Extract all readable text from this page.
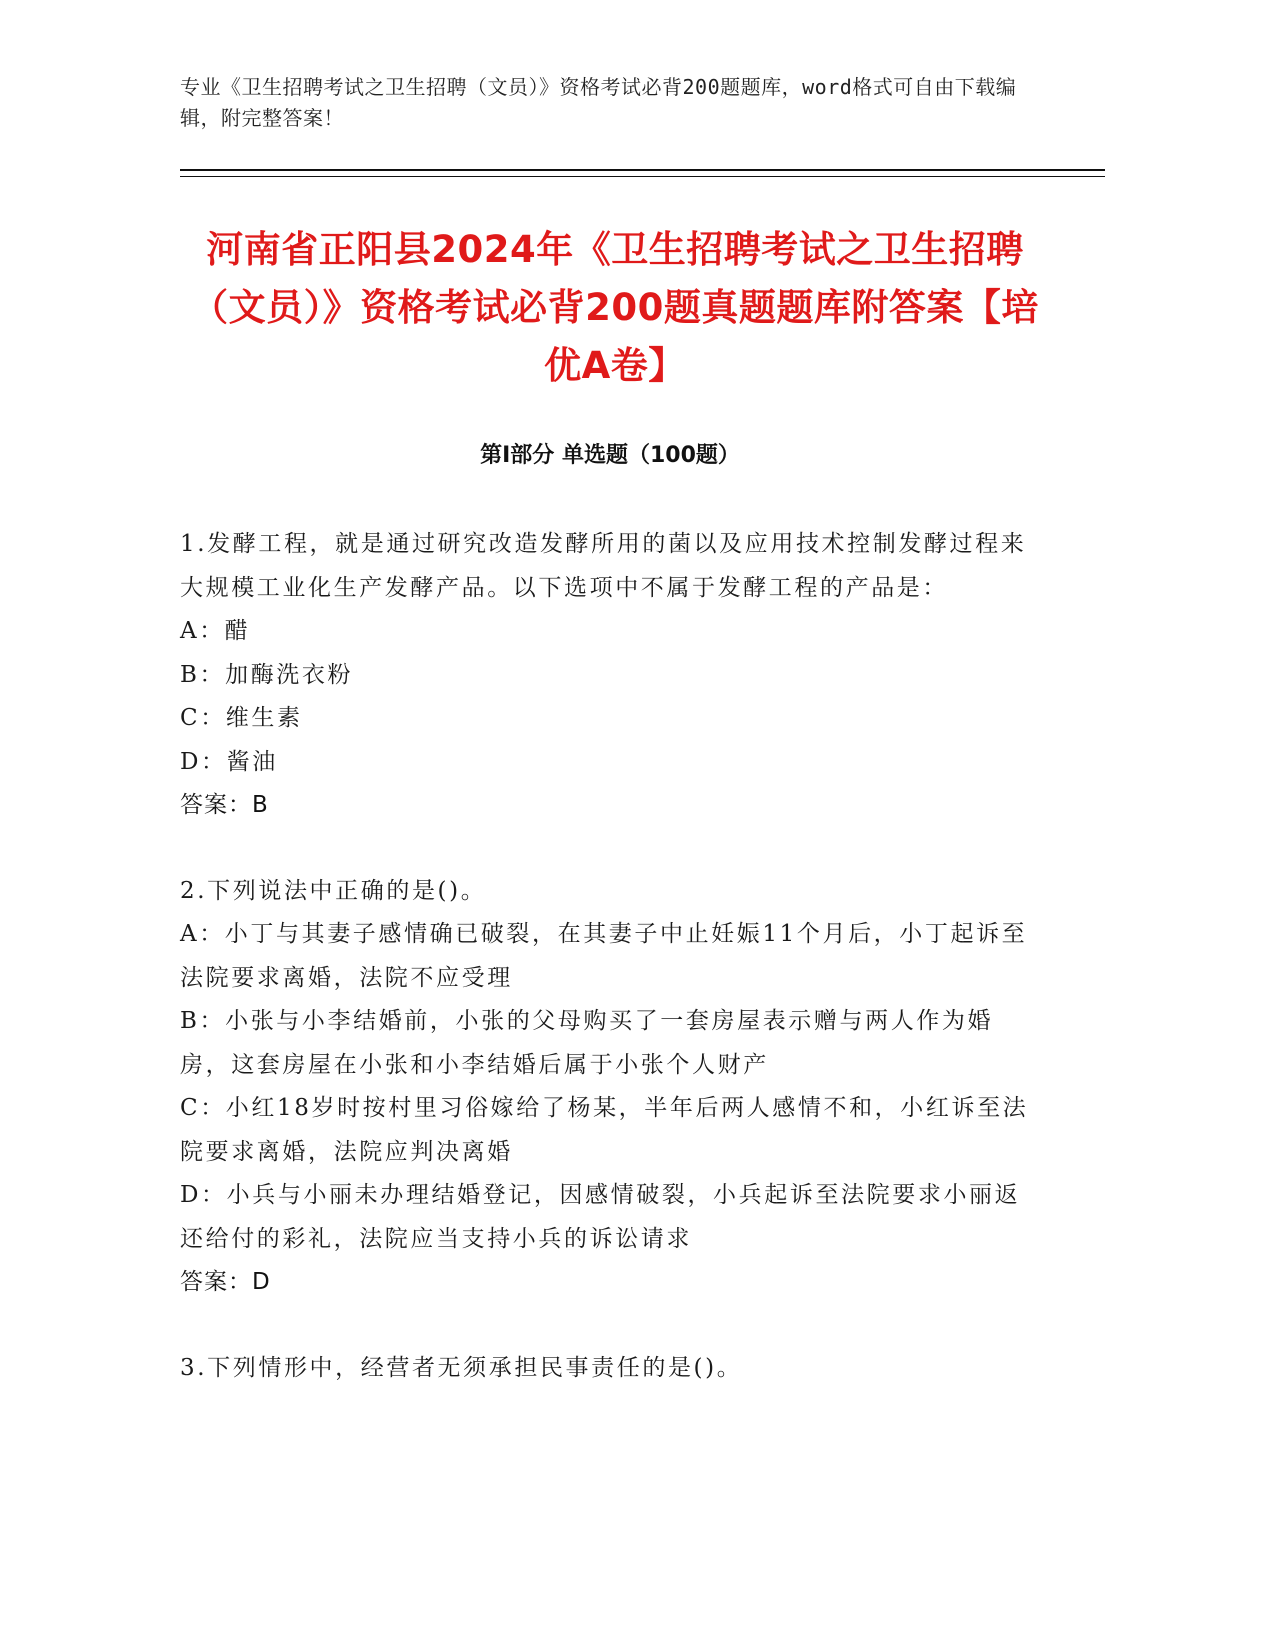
专业《卫生招聘考试之卫生招聘（文员）》资格考试必背200题题库，word格式可自由下载编辑，附完整答案！
河南省正阳县2024年《卫生招聘考试之卫生招聘（文员）》资格考试必背200题真题题库附答案【培优A卷】
第I部分 单选题（100题）
1.发酵工程，就是通过研究改造发酵所用的菌以及应用技术控制发酵过程来大规模工业化生产发酵产品。以下选项中不属于发酵工程的产品是：
A：醋
B：加酶洗衣粉
C：维生素
D：酱油
答案：B
2.下列说法中正确的是()。
A：小丁与其妻子感情确已破裂，在其妻子中止妊娠11个月后，小丁起诉至法院要求离婚，法院不应受理
B：小张与小李结婚前，小张的父母购买了一套房屋表示赠与两人作为婚房，这套房屋在小张和小李结婚后属于小张个人财产
C：小红18岁时按村里习俗嫁给了杨某，半年后两人感情不和，小红诉至法院要求离婚，法院应判决离婚
D：小兵与小丽未办理结婚登记，因感情破裂，小兵起诉至法院要求小丽返还给付的彩礼，法院应当支持小兵的诉讼请求
答案：D
3.下列情形中，经营者无须承担民事责任的是()。
